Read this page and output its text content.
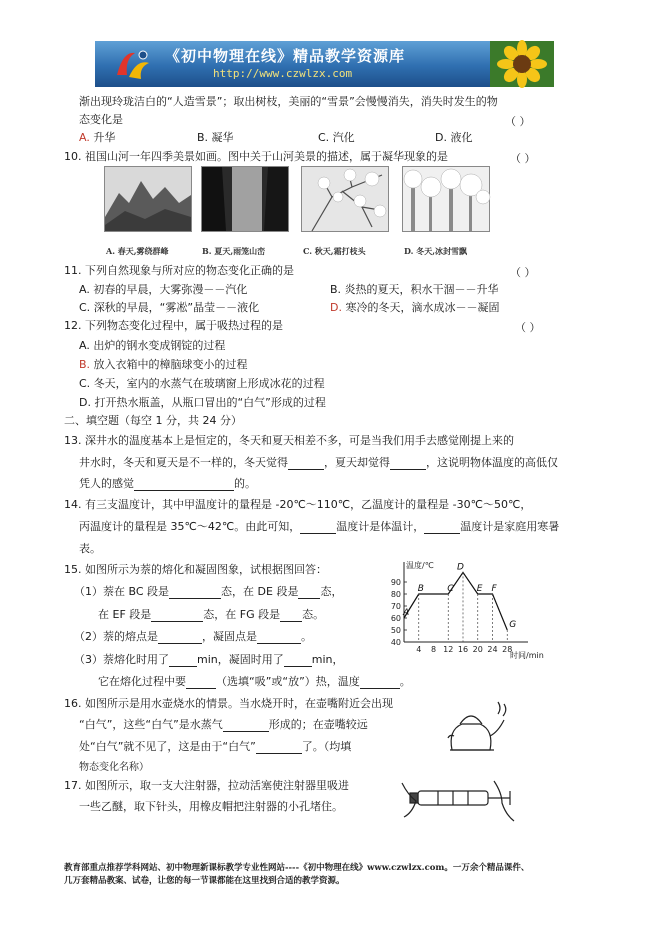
《初中物理在线》精品教学资源库
http://www.czwlzx.com
渐出现玲珑洁白的“人造雪景”；取出树枝，美丽的“雪景”会慢慢消失，消失时发生的物
态变化是	（ ）
A. 升华	B. 凝华	C. 汽化	D. 液化
10. 祖国山河一年四季美景如画。图中关于山河美景的描述，属于凝华现象的是	（ ）
A. 春天,雾绕群峰	B. 夏天,雨笼山峦	C. 秋天,霜打枝头	D. 冬天,冰封雪飘
11. 下列自然现象与所对应的物态变化正确的是	（ ）
A. 初春的早晨，大雾弥漫－－汽化	B. 炎热的夏天，积水干涸－－升华
C. 深秋的早晨，“雾凇”晶莹－－液化	D. 寒冷的冬天，滴水成冰－－凝固
12. 下列物态变化过程中，属于吸热过程的是	（ ）
A. 出炉的钢水变成钢锭的过程
B. 放入衣箱中的樟脑球变小的过程
C. 冬天，室内的水蒸气在玻璃窗上形成冰花的过程
D. 打开热水瓶盖，从瓶口冒出的“白气”形成的过程
二、填空题（每空 1 分，共 24 分）
13. 深井水的温度基本上是恒定的，冬天和夏天相差不多，可是当我们用手去感觉刚提上来的
井水时，冬天和夏天是不一样的，冬天觉得	，夏天却觉得	，这说明物体温度的高低仅
凭人的感觉	的。
14. 有三支温度计，其中甲温度计的量程是 -20℃～110℃，乙温度计的量程是 -30℃～50℃，
丙温度计的量程是 35℃～42℃。由此可知，	温度计是体温计，	温度计是家庭用寒暑
表。
15. 如图所示为萘的熔化和凝固图象，试根据图回答：
（1）萘在 BC 段是	态，在 DE 段是 态，
在 EF 段是	态，在 FG 段是 态。
（2）萘的熔点是	，凝固点是	。
（3）萘熔化时用了	min，凝固时用了	min，
它在熔化过程中要	（选填“吸”或“放”）热，温度	。
温度/℃
时间/min
40
50
60
70
80
90
4 8 12 16 20 24 28
A
B	C
D
E F
G
16. 如图所示是用水壶烧水的情景。当水烧开时，在壶嘴附近会出现
“白气”，这些“白气”是水蒸气	形成的；在壶嘴较远
处“白气”就不见了，这是由于“白气”	了。（均填
物态变化名称）
17. 如图所示，取一支大注射器，拉动活塞使注射器里吸进
一些乙醚，取下针头，用橡皮帽把注射器的小孔堵住。
教育部重点推荐学科网站、初中物理新课标教学专业性网站----《初中物理在线》www.czwlzx.com。一万余个精品课件、
几万套精品教案、试卷，让您的每一节课都能在这里找到合适的教学资源。
